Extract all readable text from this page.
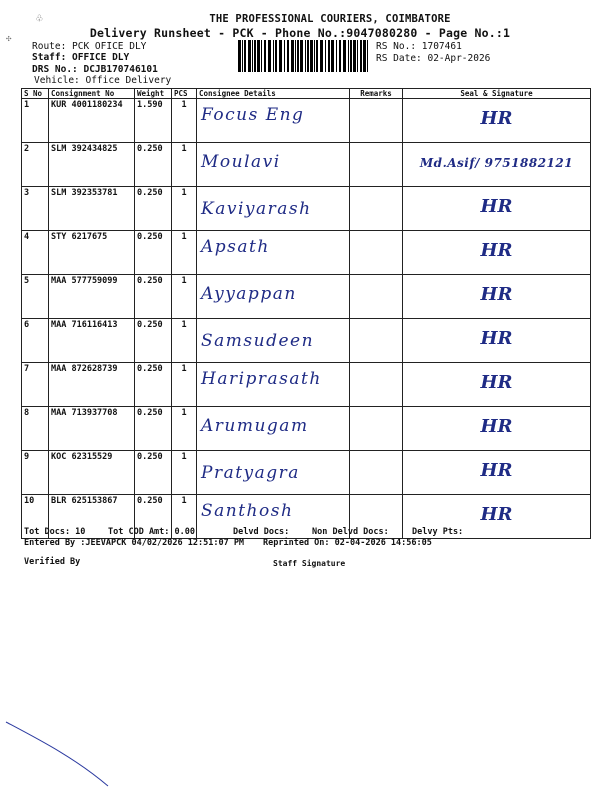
♧
✣
THE PROFESSIONAL COURIERS, COIMBATORE
Delivery Runsheet - PCK - Phone No.:9047080280 - Page No.:1
Route: PCK OFICE DLY
Staff: OFFICE DLY
DRS No.: DCJB170746101
Vehicle: Office Delivery
RS No.: 1707461
RS Date: 02-Apr-2026
S No	Consignment No	Weight	PCS	Consignee Details	Remarks	Seal & Signature
1	KUR 4001180234	1.590	1	Focus Eng		HR

2	SLM 392434825	0.250	1	Moulavi		Md.Asif/ 9751882121

3	SLM 392353781	0.250	1	Kaviyarash		HR

4	STY 6217675	0.250	1	Apsath		HR

5	MAA 577759099	0.250	1	Ayyappan		HR

6	MAA 716116413	0.250	1	Samsudeen		HR

7	MAA 872628739	0.250	1	Hariprasath		HR

8	MAA 713937708	0.250	1	Arumugam		HR

9	KOC 62315529	0.250	1	Pratyagra		HR

10	BLR 625153867	0.250	1	Santhosh		HR
Tot Docs: 10	Tot COD Amt: 0.00	Delvd Docs:	Non Delvd Docs:	Delvy Pts:
Entered By :JEEVAPCK 04/02/2026 12:51:07 PM Reprinted On: 02-04-2026 14:56:05
Verified By	Staff Signature
